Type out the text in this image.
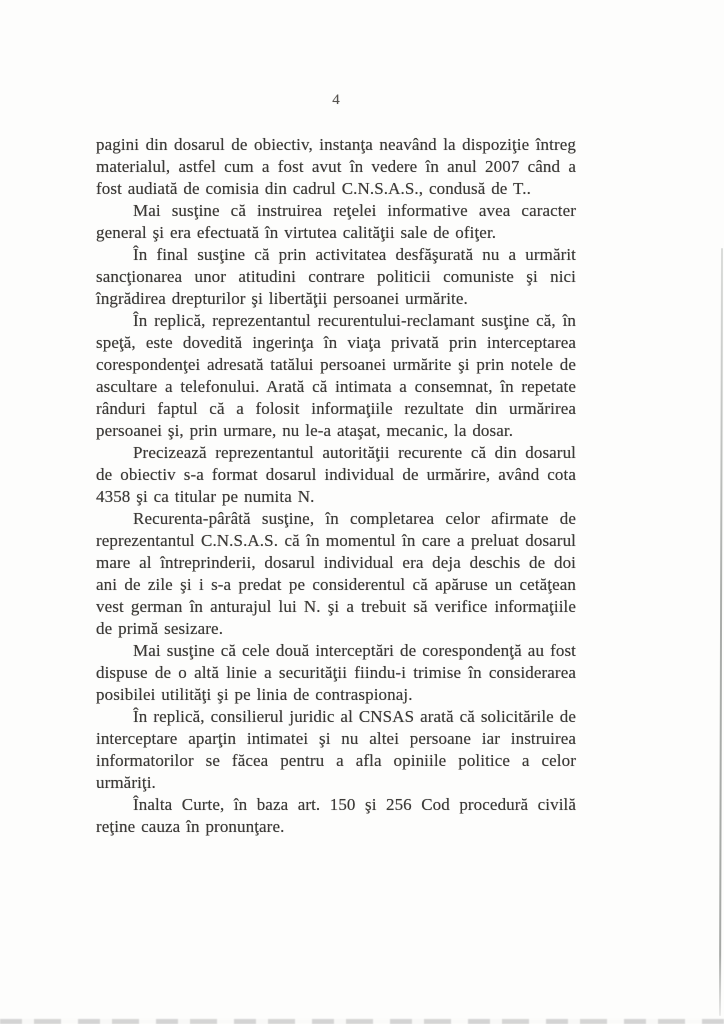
4

pagini din dosarul de obiectiv, instanţa neavând la dispoziţie întreg materialul, astfel cum a fost avut în vedere în anul 2007 când a fost audiată de comisia din cadrul C.N.S.A.S., condusă de T..

Mai susţine că instruirea reţelei informative avea caracter general şi era efectuată în virtutea calităţii sale de ofiţer.

În final susţine că prin activitatea desfăşurată nu a urmărit sancţionarea unor atitudini contrare politicii comuniste şi nici îngrădirea drepturilor şi libertăţii persoanei urmărite.

În replică, reprezentantul recurentului-reclamant susţine că, în speţă, este dovedită ingerinţa în viaţa privată prin interceptarea corespondenţei adresată tatălui persoanei urmărite şi prin notele de ascultare a telefonului. Arată că intimata a consemnat, în repetate rânduri faptul că a folosit informaţiile rezultate din urmărirea persoanei şi, prin urmare, nu le-a ataşat, mecanic, la dosar.

Precizează reprezentantul autorităţii recurente că din dosarul de obiectiv s-a format dosarul individual de urmărire, având cota 4358 şi ca titular pe numita N.

Recurenta-pârâtă susţine, în completarea celor afirmate de reprezentantul C.N.S.A.S. că în momentul în care a preluat dosarul mare al întreprinderii, dosarul individual era deja deschis de doi ani de zile şi i s-a predat pe considerentul că apăruse un cetăţean vest german în anturajul lui N. şi a trebuit să verifice informaţiile de primă sesizare.

Mai susţine că cele două interceptări de corespondenţă au fost dispuse de o altă linie a securităţii fiindu-i trimise în considerarea posibilei utilităţi şi pe linia de contraspionaj.

În replică, consilierul juridic al CNSAS arată că solicitările de interceptare aparţin intimatei şi nu altei persoane iar instruirea informatorilor se făcea pentru a afla opiniile politice a celor urmăriţi.

Înalta Curte, în baza art. 150 şi 256 Cod procedură civilă reţine cauza în pronunţare.
